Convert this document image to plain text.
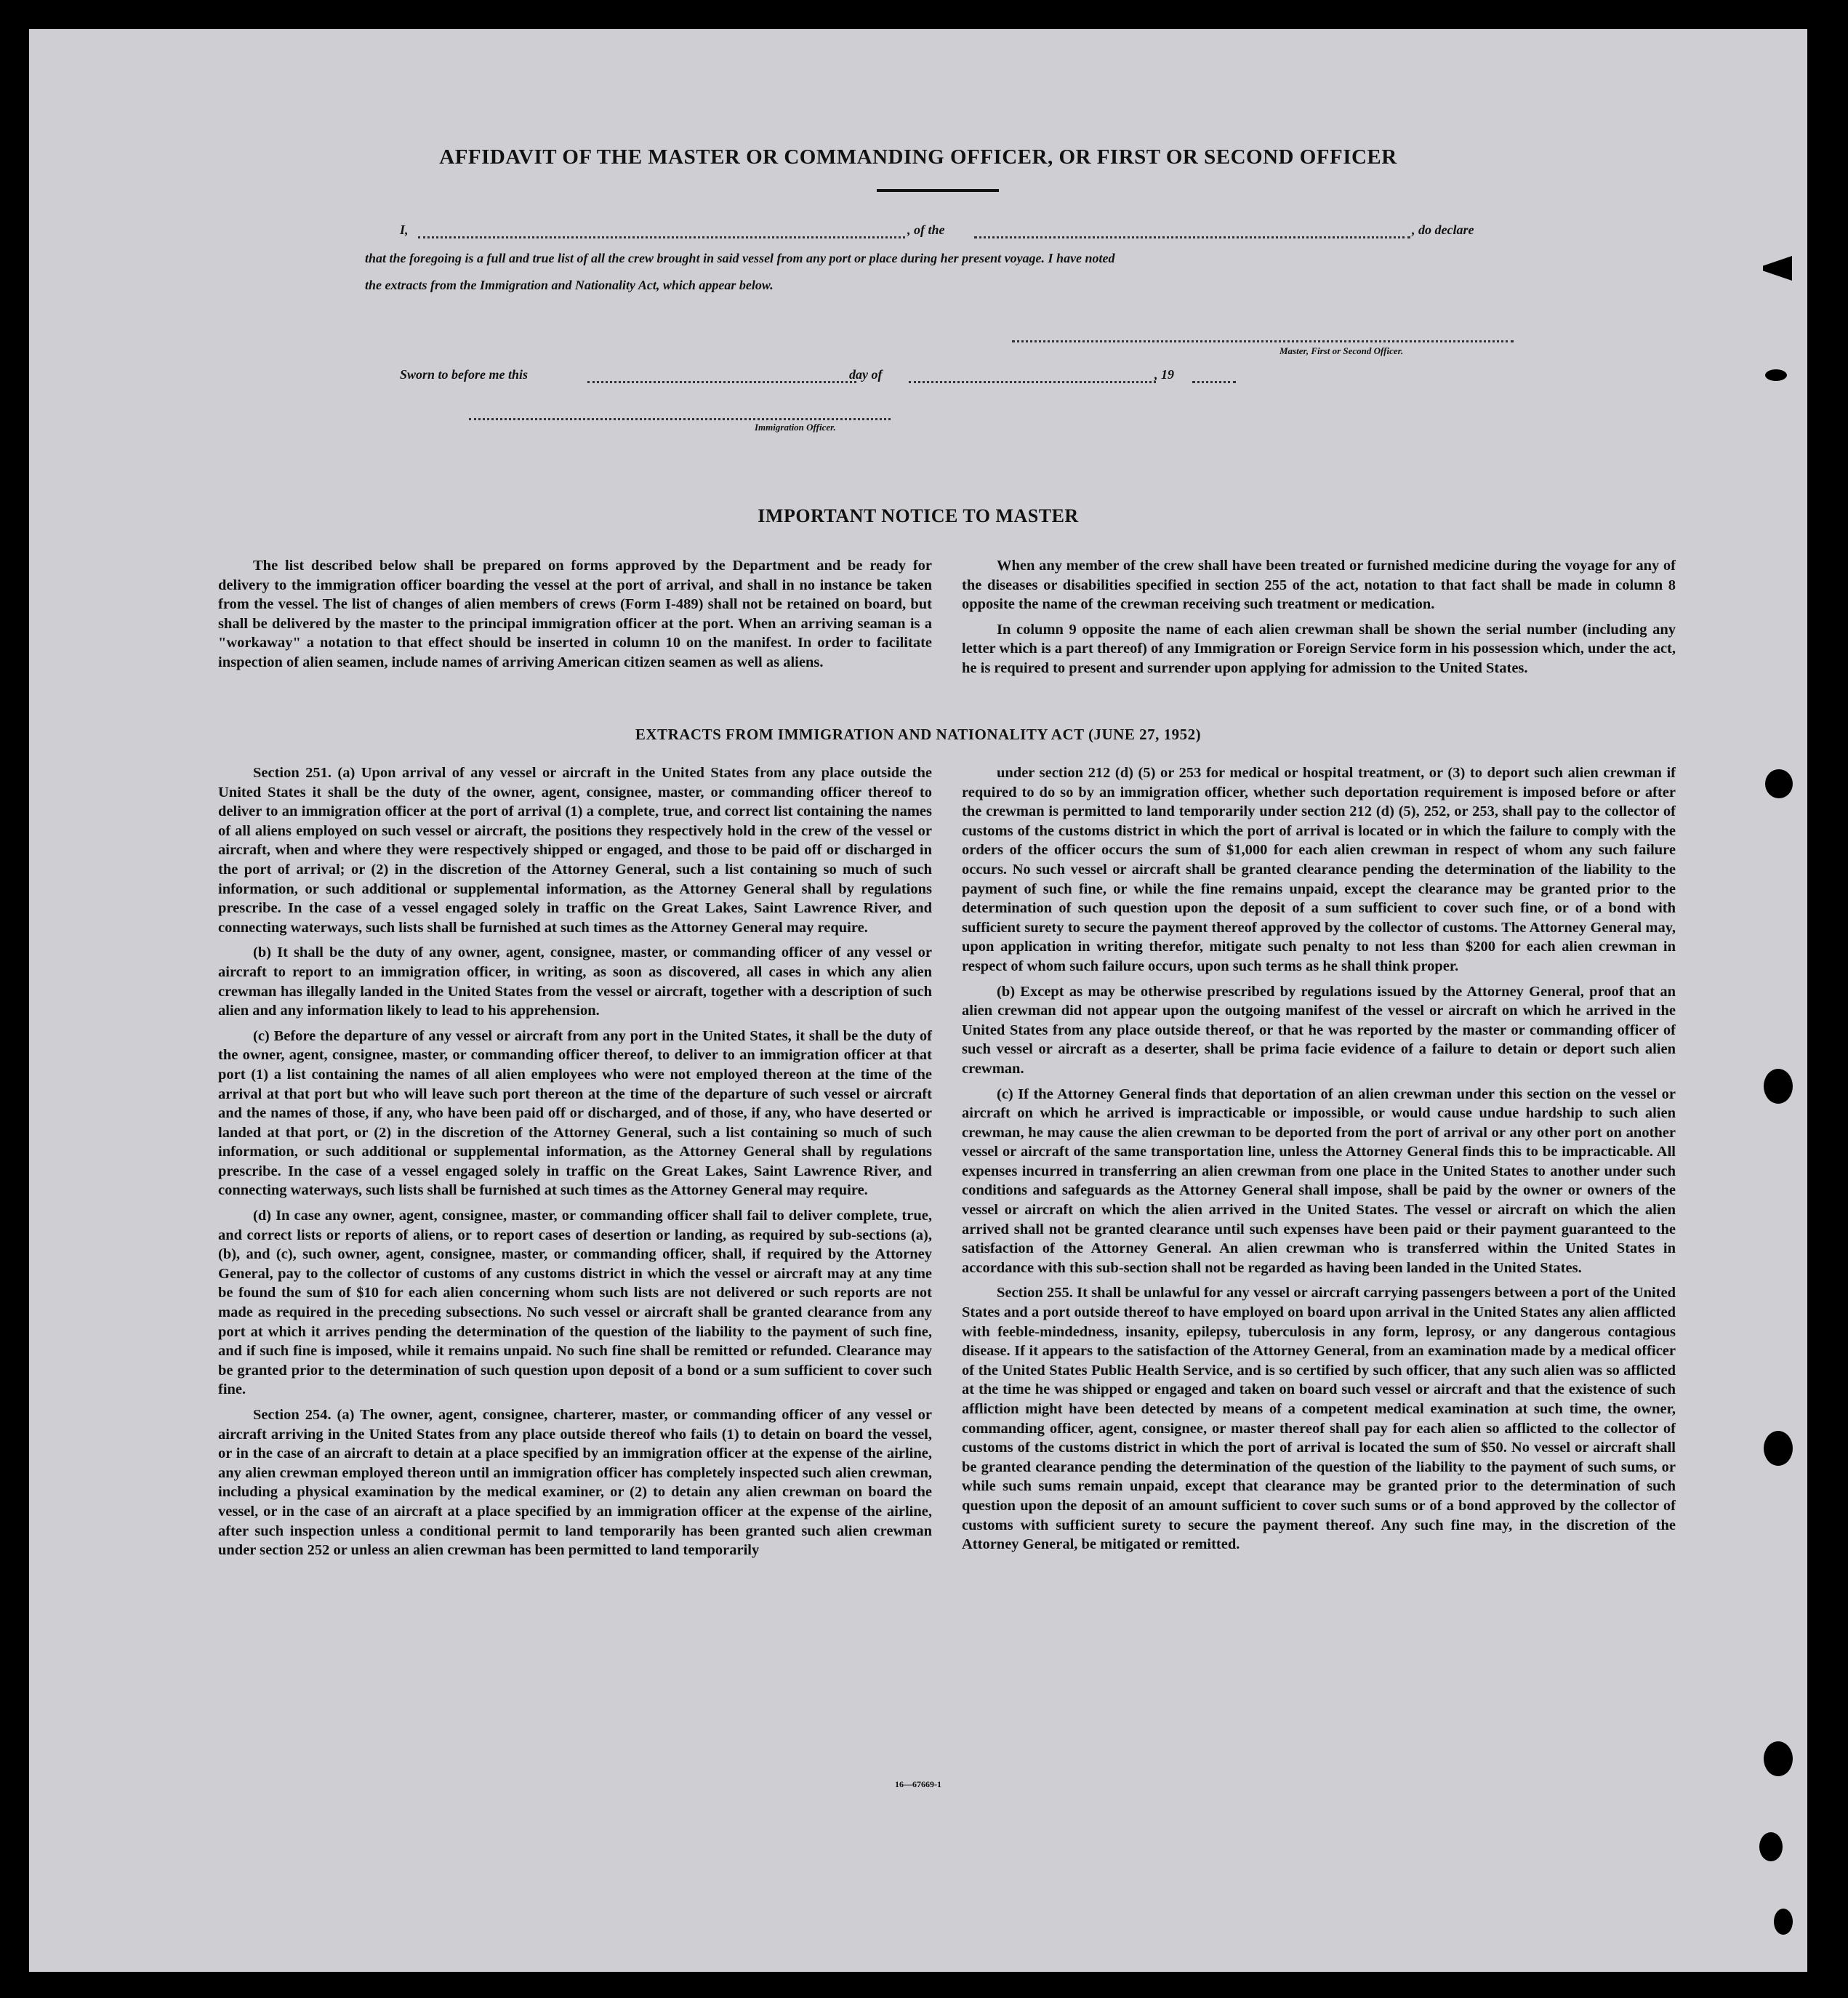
AFFIDAVIT OF THE MASTER OR COMMANDING OFFICER, OR FIRST OR SECOND OFFICER
I,	, of the	, do declare
that the foregoing is a full and true list of all the crew brought in said vessel from any port or place during her present voyage. I have noted
the extracts from the Immigration and Nationality Act, which appear below.
Master, First or Second Officer.
Sworn to before me this	day of	, 19
Immigration Officer.
IMPORTANT NOTICE TO MASTER

The list described below shall be prepared on forms approved by the Department and be ready for delivery to the immigration officer boarding the vessel at the port of arrival, and shall in no instance be taken from the vessel. The list of changes of alien members of crews (Form I-489) shall not be retained on board, but shall be delivered by the master to the principal immigration officer at the port. When an arriving seaman is a "workaway" a notation to that effect should be inserted in column 10 on the manifest. In order to facilitate inspection of alien seamen, include names of arriving American citizen seamen as well as aliens.

When any member of the crew shall have been treated or furnished medicine during the voyage for any of the diseases or disabilities specified in section 255 of the act, notation to that fact shall be made in column 8 opposite the name of the crewman receiving such treatment or medication.

In column 9 opposite the name of each alien crewman shall be shown the serial number (including any letter which is a part thereof) of any Immigration or Foreign Service form in his possession which, under the act, he is required to present and surrender upon applying for admission to the United States.

EXTRACTS FROM IMMIGRATION AND NATIONALITY ACT (JUNE 27, 1952)

Section 251. (a) Upon arrival of any vessel or aircraft in the United States from any place outside the United States it shall be the duty of the owner, agent, consignee, master, or commanding officer thereof to deliver to an immigration officer at the port of arrival (1) a complete, true, and correct list containing the names of all aliens employed on such vessel or aircraft, the positions they respectively hold in the crew of the vessel or aircraft, when and where they were respectively shipped or engaged, and those to be paid off or discharged in the port of arrival; or (2) in the discretion of the Attorney General, such a list containing so much of such information, or such additional or supplemental information, as the Attorney General shall by regulations prescribe. In the case of a vessel engaged solely in traffic on the Great Lakes, Saint Lawrence River, and connecting waterways, such lists shall be furnished at such times as the Attorney General may require.

(b) It shall be the duty of any owner, agent, consignee, master, or commanding officer of any vessel or aircraft to report to an immigration officer, in writing, as soon as discovered, all cases in which any alien crewman has illegally landed in the United States from the vessel or aircraft, together with a description of such alien and any information likely to lead to his apprehension.

(c) Before the departure of any vessel or aircraft from any port in the United States, it shall be the duty of the owner, agent, consignee, master, or commanding officer thereof, to deliver to an immigration officer at that port (1) a list containing the names of all alien employees who were not employed thereon at the time of the arrival at that port but who will leave such port thereon at the time of the departure of such vessel or aircraft and the names of those, if any, who have been paid off or discharged, and of those, if any, who have deserted or landed at that port, or (2) in the discretion of the Attorney General, such a list containing so much of such information, or such additional or supplemental information, as the Attorney General shall by regulations prescribe. In the case of a vessel engaged solely in traffic on the Great Lakes, Saint Lawrence River, and connecting waterways, such lists shall be furnished at such times as the Attorney General may require.

(d) In case any owner, agent, consignee, master, or commanding officer shall fail to deliver complete, true, and correct lists or reports of aliens, or to report cases of desertion or landing, as required by sub-sections (a), (b), and (c), such owner, agent, consignee, master, or commanding officer, shall, if required by the Attorney General, pay to the collector of customs of any customs district in which the vessel or aircraft may at any time be found the sum of $10 for each alien concerning whom such lists are not delivered or such reports are not made as required in the preceding subsections. No such vessel or aircraft shall be granted clearance from any port at which it arrives pending the determination of the question of the liability to the payment of such fine, and if such fine is imposed, while it remains unpaid. No such fine shall be remitted or refunded. Clearance may be granted prior to the determination of such question upon deposit of a bond or a sum sufficient to cover such fine.

Section 254. (a) The owner, agent, consignee, charterer, master, or commanding officer of any vessel or aircraft arriving in the United States from any place outside thereof who fails (1) to detain on board the vessel, or in the case of an aircraft to detain at a place specified by an immigration officer at the expense of the airline, any alien crewman employed thereon until an immigration officer has completely inspected such alien crewman, including a physical examination by the medical examiner, or (2) to detain any alien crewman on board the vessel, or in the case of an aircraft at a place specified by an immigration officer at the expense of the airline, after such inspection unless a conditional permit to land temporarily has been granted such alien crewman under section 252 or unless an alien crewman has been permitted to land temporarily

under section 212 (d) (5) or 253 for medical or hospital treatment, or (3) to deport such alien crewman if required to do so by an immigration officer, whether such deportation requirement is imposed before or after the crewman is permitted to land temporarily under section 212 (d) (5), 252, or 253, shall pay to the collector of customs of the customs district in which the port of arrival is located or in which the failure to comply with the orders of the officer occurs the sum of $1,000 for each alien crewman in respect of whom any such failure occurs. No such vessel or aircraft shall be granted clearance pending the determination of the liability to the payment of such fine, or while the fine remains unpaid, except the clearance may be granted prior to the determination of such question upon the deposit of a sum sufficient to cover such fine, or of a bond with sufficient surety to secure the payment thereof approved by the collector of customs. The Attorney General may, upon application in writing therefor, mitigate such penalty to not less than $200 for each alien crewman in respect of whom such failure occurs, upon such terms as he shall think proper.

(b) Except as may be otherwise prescribed by regulations issued by the Attorney General, proof that an alien crewman did not appear upon the outgoing manifest of the vessel or aircraft on which he arrived in the United States from any place outside thereof, or that he was reported by the master or commanding officer of such vessel or aircraft as a deserter, shall be prima facie evidence of a failure to detain or deport such alien crewman.

(c) If the Attorney General finds that deportation of an alien crewman under this section on the vessel or aircraft on which he arrived is impracticable or impossible, or would cause undue hardship to such alien crewman, he may cause the alien crewman to be deported from the port of arrival or any other port on another vessel or aircraft of the same transportation line, unless the Attorney General finds this to be impracticable. All expenses incurred in transferring an alien crewman from one place in the United States to another under such conditions and safeguards as the Attorney General shall impose, shall be paid by the owner or owners of the vessel or aircraft on which the alien arrived in the United States. The vessel or aircraft on which the alien arrived shall not be granted clearance until such expenses have been paid or their payment guaranteed to the satisfaction of the Attorney General. An alien crewman who is transferred within the United States in accordance with this sub-section shall not be regarded as having been landed in the United States.

Section 255. It shall be unlawful for any vessel or aircraft carrying passengers between a port of the United States and a port outside thereof to have employed on board upon arrival in the United States any alien afflicted with feeble-mindedness, insanity, epilepsy, tuberculosis in any form, leprosy, or any dangerous contagious disease. If it appears to the satisfaction of the Attorney General, from an examination made by a medical officer of the United States Public Health Service, and is so certified by such officer, that any such alien was so afflicted at the time he was shipped or engaged and taken on board such vessel or aircraft and that the existence of such affliction might have been detected by means of a competent medical examination at such time, the owner, commanding officer, agent, consignee, or master thereof shall pay for each alien so afflicted to the collector of customs of the customs district in which the port of arrival is located the sum of $50. No vessel or aircraft shall be granted clearance pending the determination of the question of the liability to the payment of such sums, or while such sums remain unpaid, except that clearance may be granted prior to the determination of such question upon the deposit of an amount sufficient to cover such sums or of a bond approved by the collector of customs with sufficient surety to secure the payment thereof. Any such fine may, in the discretion of the Attorney General, be mitigated or remitted.

16—67669-1
